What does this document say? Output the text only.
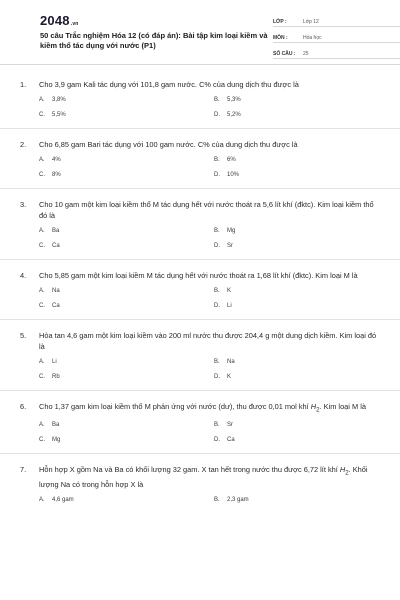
2048.vn
50 câu Trắc nghiệm Hóa 12 (có đáp án): Bài tập kim loại kiềm và kiềm thổ tác dụng với nước (P1)
LỚP :	Lớp 12
MÔN :	Hóa học
SỐ CÂU :	25
1.	Cho 3,9 gam Kali tác dụng với 101,8 gam nước. C% của dung dịch thu được là
A.	3,8%	B.	5,3%
C.	5,5%	D.	5,2%
2.	Cho 6,85 gam Bari tác dụng với 100 gam nước. C% của dung dịch thu được là
A.	4%	B.	6%
C.	8%	D.	10%
3.	Cho 10 gam một kim loại kiềm thổ M tác dụng hết với nước thoát ra 5,6 lít khí (đktc). Kim loại kiềm thổ đó là
A.	Ba	B.	Mg
C.	Ca	D.	Sr
4.	Cho 5,85 gam một kim loại kiềm M tác dụng hết với nước thoát ra 1,68 lít khí (đktc). Kim loại M là
A.	Na	B.	K
C.	Ca	D.	Li
5.	Hòa tan 4,6 gam một kim loại kiềm vào 200 ml nước thu được 204,4 g một dung dịch kiềm. Kim loại đó là
A.	Li	B.	Na
C.	Rb	D.	K
6.	Cho 1,37 gam kim loại kiềm thổ M phản ứng với nước (dư), thu được 0,01 mol khí $H_2$. Kim loại M là
A.	Ba	B.	Sr
C.	Mg	D.	Ca
7.	Hỗn hợp X gồm Na và Ba có khối lượng 32 gam. X tan hết trong nước thu được 6,72 lít khí $H_2$. Khối lượng Na có trong hỗn hợp X là
A.	4,6 gam	B.	2,3 gam
